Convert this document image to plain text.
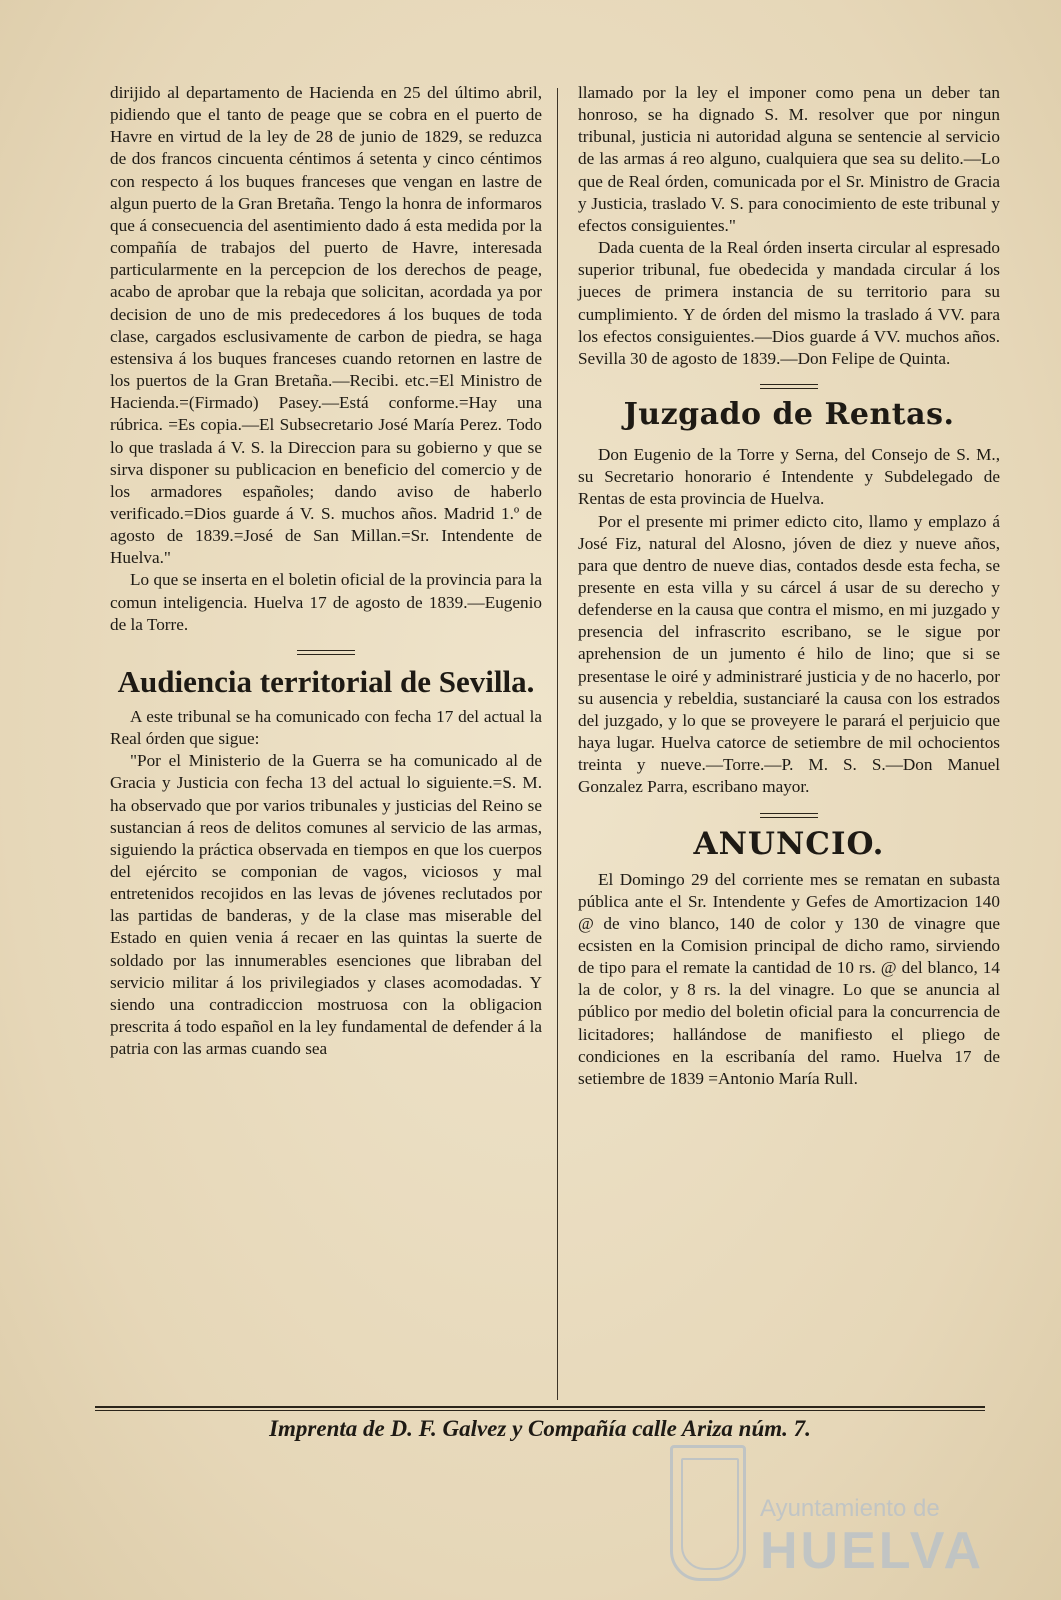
dirijido al departamento de Hacienda en 25 del último abril, pidiendo que el tanto de peage que se cobra en el puerto de Havre en virtud de la ley de 28 de junio de 1829, se reduzca de dos francos cincuenta céntimos á setenta y cinco céntimos con respecto á los buques franceses que vengan en lastre de algun puerto de la Gran Bretaña. Tengo la honra de informaros que á consecuencia del asentimiento dado á esta medida por la compañía de trabajos del puerto de Havre, interesada particularmente en la percepcion de los derechos de peage, acabo de aprobar que la rebaja que solicitan, acordada ya por decision de uno de mis predecedores á los buques de toda clase, cargados esclusivamente de carbon de piedra, se haga estensiva á los buques franceses cuando retornen en lastre de los puertos de la Gran Bretaña.—Recibi. etc.=El Ministro de Hacienda.=(Firmado) Pasey.—Está conforme.=Hay una rúbrica. =Es copia.—El Subsecretario José María Perez. Todo lo que traslada á V. S. la Direccion para su gobierno y que se sirva disponer su publicacion en beneficio del comercio y de los armadores españoles; dando aviso de haberlo verificado.=Dios guarde á V. S. muchos años. Madrid 1.º de agosto de 1839.=José de San Millan.=Sr. Intendente de Huelva."

Lo que se inserta en el boletin oficial de la provincia para la comun inteligencia. Huelva 17 de agosto de 1839.—Eugenio de la Torre.

Audiencia territorial de Sevilla.

A este tribunal se ha comunicado con fecha 17 del actual la Real órden que sigue:

"Por el Ministerio de la Guerra se ha comunicado al de Gracia y Justicia con fecha 13 del actual lo siguiente.=S. M. ha observado que por varios tribunales y justicias del Reino se sustancian á reos de delitos comunes al servicio de las armas, siguiendo la práctica observada en tiempos en que los cuerpos del ejército se componian de vagos, viciosos y mal entretenidos recojidos en las levas de jóvenes reclutados por las partidas de banderas, y de la clase mas miserable del Estado en quien venia á recaer en las quintas la suerte de soldado por las innumerables esenciones que libraban del servicio militar á los privilegiados y clases acomodadas. Y siendo una contradiccion mostruosa con la obligacion prescrita á todo español en la ley fundamental de defender á la patria con las armas cuando sea

llamado por la ley el imponer como pena un deber tan honroso, se ha dignado S. M. resolver que por ningun tribunal, justicia ni autoridad alguna se sentencie al servicio de las armas á reo alguno, cualquiera que sea su delito.—Lo que de Real órden, comunicada por el Sr. Ministro de Gracia y Justicia, traslado V. S. para conocimiento de este tribunal y efectos consiguientes."

Dada cuenta de la Real órden inserta circular al espresado superior tribunal, fue obedecida y mandada circular á los jueces de primera instancia de su territorio para su cumplimiento. Y de órden del mismo la traslado á VV. para los efectos consiguientes.—Dios guarde á VV. muchos años. Sevilla 30 de agosto de 1839.—Don Felipe de Quinta.

Juzgado de Rentas.

Don Eugenio de la Torre y Serna, del Consejo de S. M., su Secretario honorario é Intendente y Subdelegado de Rentas de esta provincia de Huelva.

Por el presente mi primer edicto cito, llamo y emplazo á José Fiz, natural del Alosno, jóven de diez y nueve años, para que dentro de nueve dias, contados desde esta fecha, se presente en esta villa y su cárcel á usar de su derecho y defenderse en la causa que contra el mismo, en mi juzgado y presencia del infrascrito escribano, se le sigue por aprehension de un jumento é hilo de lino; que si se presentase le oiré y administraré justicia y de no hacerlo, por su ausencia y rebeldia, sustanciaré la causa con los estrados del juzgado, y lo que se proveyere le parará el perjuicio que haya lugar. Huelva catorce de setiembre de mil ochocientos treinta y nueve.—Torre.—P. M. S. S.—Don Manuel Gonzalez Parra, escribano mayor.

ANUNCIO.

El Domingo 29 del corriente mes se rematan en subasta pública ante el Sr. Intendente y Gefes de Amortizacion 140 @ de vino blanco, 140 de color y 130 de vinagre que ecsisten en la Comision principal de dicho ramo, sirviendo de tipo para el remate la cantidad de 10 rs. @ del blanco, 14 la de color, y 8 rs. la del vinagre. Lo que se anuncia al público por medio del boletin oficial para la concurrencia de licitadores; hallándose de manifiesto el pliego de condiciones en la escribanía del ramo. Huelva 17 de setiembre de 1839 =Antonio María Rull.

Imprenta de D. F. Galvez y Compañía calle Ariza núm. 7.
Ayuntamiento de
HUELVA
